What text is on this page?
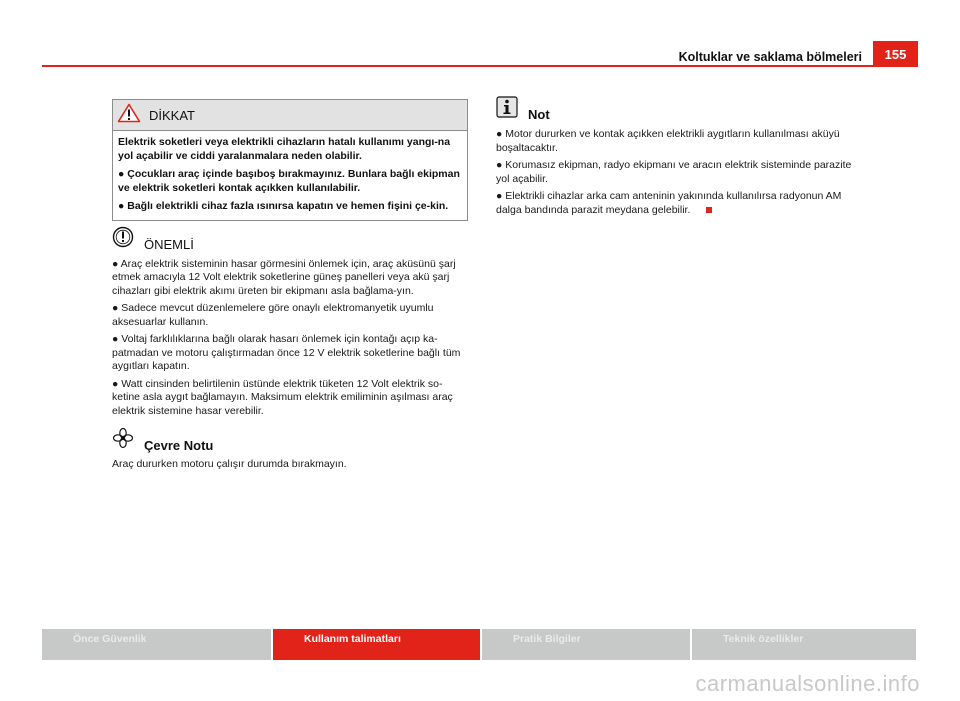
Koltuklar ve saklama bölmeleri	155
DİKKAT

Elektrik soketleri veya elektrikli cihazların hatalı kullanımı yangı-na yol açabilir ve ciddi yaralanmalara neden olabilir.

● Çocukları araç içinde başıboş bırakmayınız. Bunlara bağlı ekipman ve elektrik soketleri kontak açıkken kullanılabilir.

● Bağlı elektrikli cihaz fazla ısınırsa kapatın ve hemen fişini çe-kin.

ÖNEMLİ

● Araç elektrik sisteminin hasar görmesini önlemek için, araç aküsünü şarj etmek amacıyla 12 Volt elektrik soketlerine güneş panelleri veya akü şarj cihazları gibi elektrik akımı üreten bir ekipmanı asla bağlama-yın.

● Sadece mevcut düzenlemelere göre onaylı elektromanyetik uyumlu aksesuarlar kullanın.

● Voltaj farklılıklarına bağlı olarak hasarı önlemek için kontağı açıp ka-patmadan ve motoru çalıştırmadan önce 12 V elektrik soketlerine bağlı tüm aygıtları kapatın.

● Watt cinsinden belirtilenin üstünde elektrik tüketen 12 Volt elektrik so-ketine asla aygıt bağlamayın. Maksimum elektrik emiliminin aşılması araç elektrik sistemine hasar verebilir.

Çevre Notu

Araç dururken motoru çalışır durumda bırakmayın.

Not

● Motor dururken ve kontak açıkken elektrikli aygıtların kullanılması aküyü boşaltacaktır.

● Korumasız ekipman, radyo ekipmanı ve aracın elektrik sisteminde parazite yol açabilir.

● Elektrikli cihazlar arka cam anteninin yakınında kullanılırsa radyonun AM dalga bandında parazit meydana gelebilir.

Önce Güvenlik	Kullanım talimatları	Pratik Bilgiler	Teknik özellikler
carmanualsonline.info
